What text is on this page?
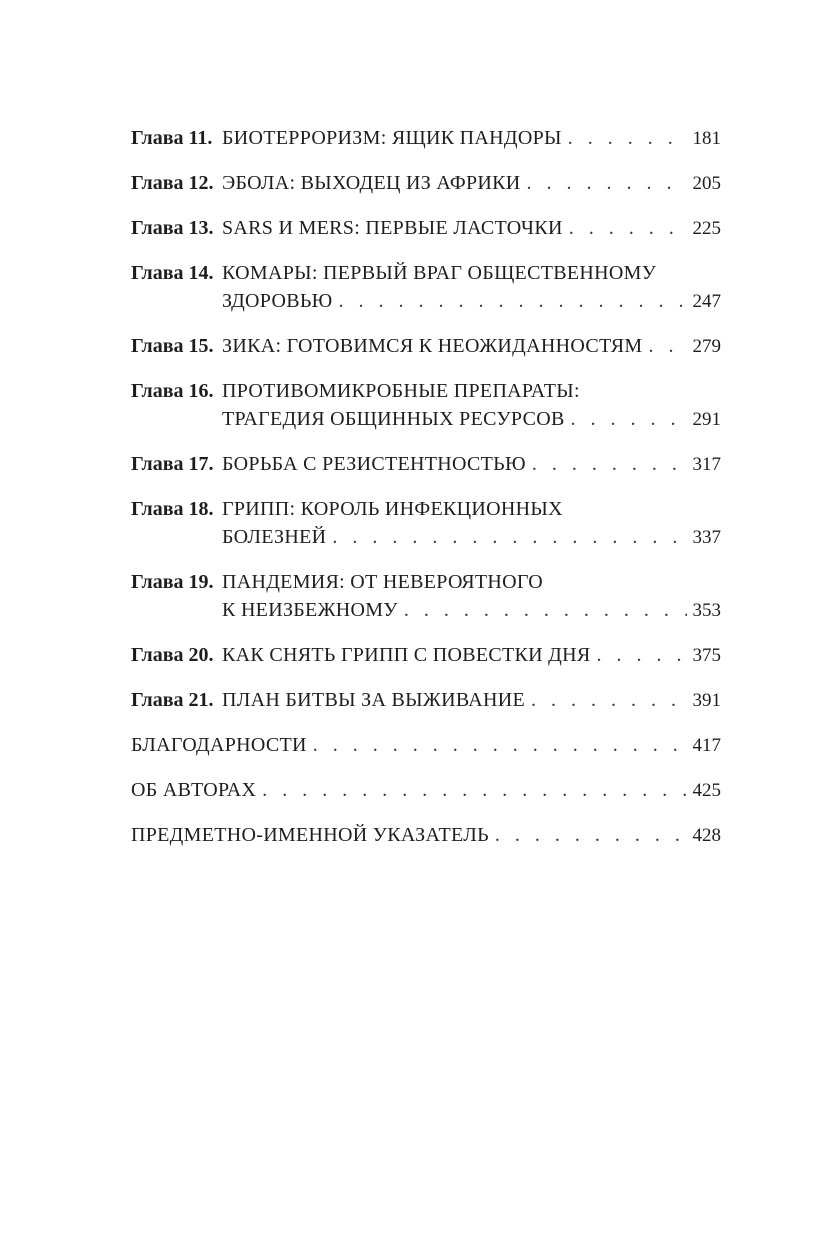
Глава 11. БИОТЕРРОРИЗМ: ЯЩИК ПАНДОРЫ . . .	181
Глава 12. ЭБОЛА: ВЫХОДЕЦ ИЗ АФРИКИ . . .	205
Глава 13. SARS И MERS: ПЕРВЫЕ ЛАСТОЧКИ . . .	225
Глава 14. КОМАРЫ: ПЕРВЫЙ ВРАГ ОБЩЕСТВЕННОМУ
ЗДОРОВЬЮ . . .	247
Глава 15. ЗИКА: ГОТОВИМСЯ К НЕОЖИДАННОСТЯМ . . .	279
Глава 16. ПРОТИВОМИКРОБНЫЕ ПРЕПАРАТЫ:
ТРАГЕДИЯ ОБЩИННЫХ РЕСУРСОВ . . .	291
Глава 17. БОРЬБА С РЕЗИСТЕНТНОСТЬЮ . . .	317
Глава 18. ГРИПП: КОРОЛЬ ИНФЕКЦИОННЫХ
БОЛЕЗНЕЙ . . .	337
Глава 19. ПАНДЕМИЯ: ОТ НЕВЕРОЯТНОГО
К НЕИЗБЕЖНОМУ . . .	353
Глава 20. КАК СНЯТЬ ГРИПП С ПОВЕСТКИ ДНЯ . . .	375
Глава 21. ПЛАН БИТВЫ ЗА ВЫЖИВАНИЕ . . .	391
БЛАГОДАРНОСТИ . . .	417
ОБ АВТОРАХ . . .	425
ПРЕДМЕТНО-ИМЕННОЙ УКАЗАТЕЛЬ . . .	428
